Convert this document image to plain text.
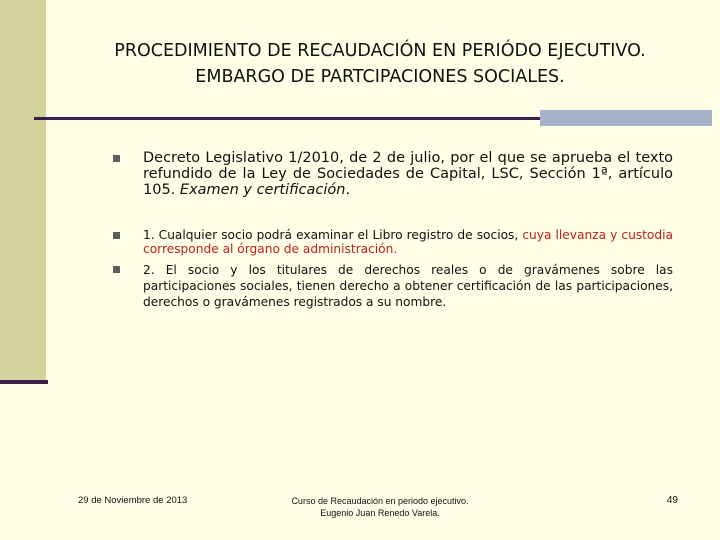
PROCEDIMIENTO DE RECAUDACIÓN EN PERIÓDO EJECUTIVO.
EMBARGO DE PARTCIPACIONES SOCIALES.
Decreto Legislativo 1/2010, de 2 de julio, por el que se aprueba el texto refundido de la Ley de Sociedades de Capital, LSC, Sección 1ª, artículo 105. Examen y certificación.
1. Cualquier socio podrá examinar el Libro registro de socios, cuya llevanza y custodia corresponde al órgano de administración.
2. El socio y los titulares de derechos reales o de gravámenes sobre las participaciones sociales, tienen derecho a obtener certificación de las participaciones, derechos o gravámenes registrados a su nombre.
29 de Noviembre de 2013	Curso de Recaudación en periodo ejecutivo.
Eugenio Juan Renedo Varela.
49
